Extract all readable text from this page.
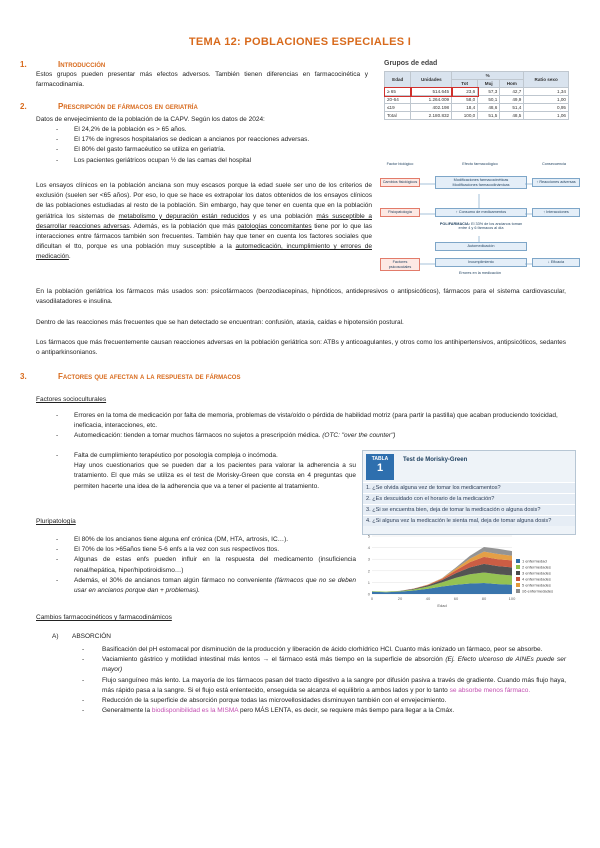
TEMA 12: POBLACIONES ESPECIALES I
1.	Introducción
Estos grupos pueden presentar más efectos adversos. También tienen diferencias en farmacocinética y farmacodinamia.
2.	Prescripción de fármacos en geriatría
Datos de envejecimiento de la población de la CAPV. Según los datos de 2024:
- El 24,2% de la población es > 65 años.
- El 17% de ingresos hospitalarios se dedican a ancianos por reacciones adversas.
- El 80% del gasto farmacéutico se utiliza en geriatría.
- Los pacientes geriátricos ocupan ½ de las camas del hospital
Grupos de edad
Edad	Unidades	%			Ratio sexo
		Tot	Muj	Hom	
≥ 65	514.645	23,6	57,3	42,7	1,34
20-64	1.264.009	58,0	50,1	49,9	1,00
≤19	402.198	18,4	48,6	51,4	0,95
Total	2.180.832	100,0	51,5	48,5	1,06
Factor biológico	Efecto farmacológico	Consecuencia
Cambios fisiológicos
Fisiopatología
Factores psicosociales
Modificaciones farmacocinéticas
Modificaciones farmacodinámicas
↑ Consumo de medicamentos
POLIFARMACIA: El 33% de los ancianos toman entre 4 y 6 fármacos al día
Automedicación
Incumplimiento
Errores en la medicación
↑ Reacciones adversas
↑ Interacciones
↓ Eficacia
Los ensayos clínicos en la población anciana son muy escasos porque la edad suele ser uno de los criterios de exclusión (suelen ser <65 años). Por eso, lo que se hace es extrapolar los datos obtenidos de los ensayos clínicos de las poblaciones estudiadas al resto de la población. Sin embargo, hay que tener en cuenta que en la población geriátrica los sistemas de metabolismo y depuración están reducidos y es una población más susceptible a desarrollar reacciones adversas. Además, es la población que más patologías concomitantes tiene por lo que las interacciones entre fármacos también son frecuentes. También hay que tener en cuenta los factores sociales que dificultan el tto, porque es una población muy susceptible a la automedicación, incumplimiento y errores de medicación.
En la población geriátrica los fármacos más usados son: psicofármacos (benzodiacepinas, hipnóticos, antidepresivos o antipsicóticos), fármacos para el sistema cardiovascular, vasodilatadores e insulina.
Dentro de las reacciones más frecuentes que se han detectado se encuentran: confusión, ataxia, caídas e hipotensión postural.
Los fármacos que más frecuentemente causan reacciones adversas en la población geriátrica son: ATBs y anticoagulantes, y otros como los antihipertensivos, antipsicóticos, sedantes o antiparkinsonianos.
3.	Factores que afectan a la respuesta de fármacos
Factores socioculturales
- Errores en la toma de medicación por falta de memoria, problemas de vista/oído o pérdida de habilidad motriz (para partir la pastilla) que acaban produciendo toxicidad, ineficacia, interacciones, etc.
- Automedicación: tienden a tomar muchos fármacos no sujetos a prescripción médica. (OTC: "over the counter")
- Falta de cumplimiento terapéutico por posología compleja o incómoda.
Hay unos cuestionarios que se pueden dar a los pacientes para valorar la adherencia a su tratamiento. El que más se utiliza es el test de Morisky-Green que consta en 4 preguntas que permiten hacerte una idea de la adherencia que va a tener el paciente al tratamiento.
TABLA
1
Test de Morisky-Green
1. ¿Se olvida alguna vez de tomar los medicamentos?
2. ¿Es descuidado con el horario de la medicación?
3. ¿Si se encuentra bien, deja de tomar la medicación o alguna dosis?
4. ¿Si alguna vez la medicación le sienta mal, deja de tomar alguna dosis?
Pluripatología
- El 80% de los ancianos tiene alguna enf crónica (DM, HTA, artrosis, IC…).
- El 70% de los >65años tiene 5-6 enfs a la vez con sus respectivos ttos.
- Algunas de estas enfs pueden influir en la respuesta del medicamento (insuficiencia renal/hepática, hiper/hipotiroidismo…)
- Además, el 30% de ancianos toman algún fármaco no conveniente (fármacos que no se deben usar en ancianos porque dan + problemas).	0
1
2
3
4
5
0	20	40	60	80	100
Edad
1 enfermedad
2 enfermedades
3 enfermedades
4 enfermedades
5 enfermedades
≥6 enfermedades
Cambios farmacocinéticos y farmacodinámicos
A) ABSORCIÓN
- Basificación del pH estomacal por disminución de la producción y liberación de ácido clorhídrico HCl. Cuanto más ionizado un fármaco, peor se absorbe.
- Vaciamiento gástrico y motilidad intestinal más lentos → el fármaco está más tiempo en la superficie de absorción (Ej. Efecto ulceroso de AINEs puede ser mayor)
- Flujo sanguíneo más lento. La mayoría de los fármacos pasan del tracto digestivo a la sangre por difusión pasiva a través de gradiente. Cuando más flujo haya, más rápido pasa a la sangre. Si el flujo está enlentecido, enseguida se alcanza el equilibrio a ambos lados y por lo tanto se absorbe menos fármaco.
- Reducción de la superficie de absorción porque todas las microvellosidades disminuyen también con el envejecimiento.
- Generalmente la biodisponibilidad es la MISMA pero MÁS LENTA, es decir, se requiere más tiempo para llegar a la Cmáx.
